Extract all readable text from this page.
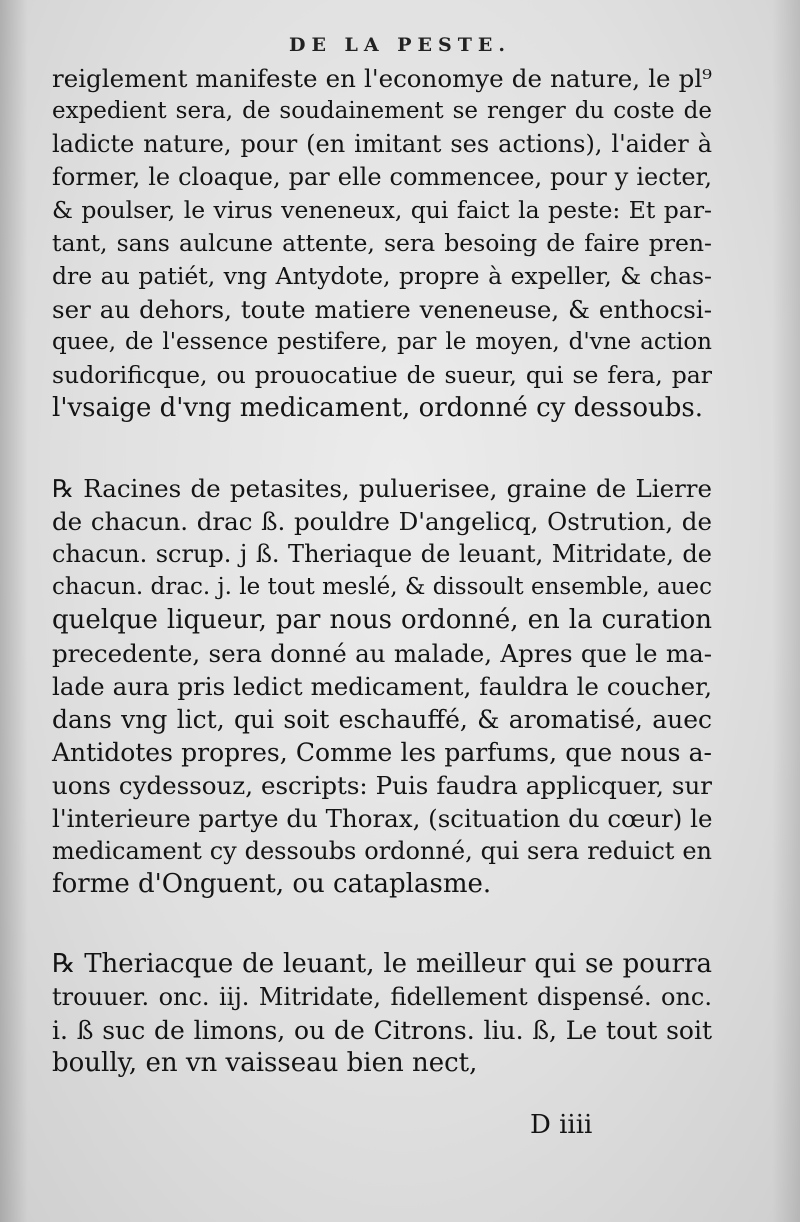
DE LA PESTE.

reiglement manifeste en l'economye de nature, le pl⁹
expedient sera, de soudainement se renger du coste de
ladicte nature, pour (en imitant ses actions), l'aider à
former, le cloaque, par elle commencee, pour y iecter,
& poulser, le virus veneneux, qui faict la peste: Et par-
tant, sans aulcune attente, sera besoing de faire pren-
dre au patiét, vng Antydote, propre à expeller, & chas-
ser au dehors, toute matiere veneneuse, & enthocsi-
quee, de l'essence pestifere, par le moyen, d'vne action
sudorificque, ou prouocatiue de sueur, qui se fera, par
l'vsaige d'vng medicament, ordonné cy dessoubs.

℞ Racines de petasites, pulueriseе, graine de Lierre
de chacun. drac ß. pouldre D'angelicq, Ostrution, de
chacun. scrup. j ß. Theriaque de leuant, Mitridate, de
chacun. drac. j. le tout meslé, & dissoult ensemble, auec
quelque liqueur, par nous ordonné, en la curation
precedente, sera donné au malade, Apres que le ma-
lade aura pris ledict medicament, fauldra le coucher,
dans vng lict, qui soit eschauffé, & aromatisé, auec
Antidotes propres, Comme les parfums, que nous a-
uons cydessouz, escripts: Puis faudra applicquer, sur
l'interieure partye du Thorax, (scituation du cœur) le
medicament cy dessoubs ordonné, qui sera reduict en
forme d'Onguent, ou cataplasme.

℞ Theriacque de leuant, le meilleur qui se pourra
trouuer. onc. iij. Mitridate, fidellement dispensé. onc.
i. ß suc de limons, ou de Citrons. liu. ß, Le tout soit
boully, en vn vaisseau bien nect,

D iiii
